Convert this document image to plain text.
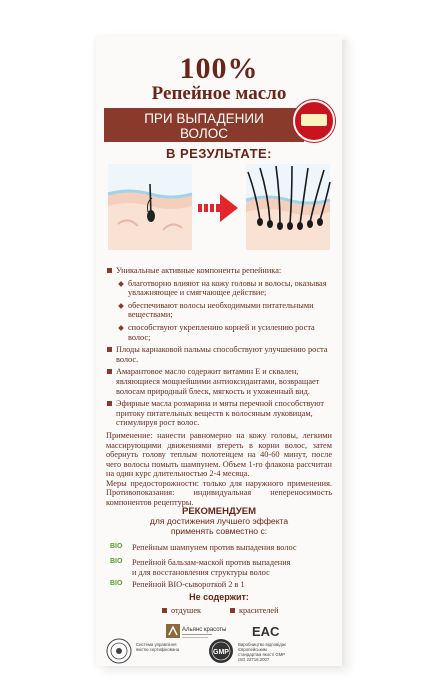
100%
Репейное масло
ПРИ ВЫПАДЕНИИ
ВОЛОС
В РЕЗУЛЬТАТЕ:
Уникальные активные компоненты репейника:
благотворно влияют на кожу головы и волосы, оказывая увлажняющее и смягчающее действие;
обеспечивают волосы необходимыми питательными веществами;
способствуют укреплению корней и усилению роста волос;
Плоды карнаковой пальмы способствуют улучшению роста волос.
Амарантовое масло содержит витамин Е и сквален, являющиеся мощнейшими антиоксидантами, возвращает волосам природный блеск, мягкость и ухоженный вид.
Эфирные масла розмарина и мяты перечной способствуют притоку питательных веществ к волосяным луковицам, стимулируя рост волос.
Применение: нанести равномерно на кожу головы, легкими массирующими движениями втереть в корни волос, затем обернуть голову теплым полотенцем на 40-60 минут, после чего волосы помыть шампунем. Объем 1-го флакона рассчитан на один курс длительностью 2-4 месяца.
Меры предосторожности: только для наружного применения. Противопоказания: индивидуальная непереносимость компонентов рецептуры.
РЕКОМЕНДУЕМ
для достижения лучшего эффекта
применять совместно с:
BIO	Репейным шампунем против выпадения волос
BIO	Репейной бальзам-маской против выпадения
и для восстановления структуры волос
BIO	Репейной BIO-сывороткой 2 в 1
Не содержит:
отдушек	красителей
Альянс красоты EAC
Система управління
якістю сертифікована	GMP
Виробництво відповідає
Європейським
стандартам якості GMP
ISO 22716:2007
